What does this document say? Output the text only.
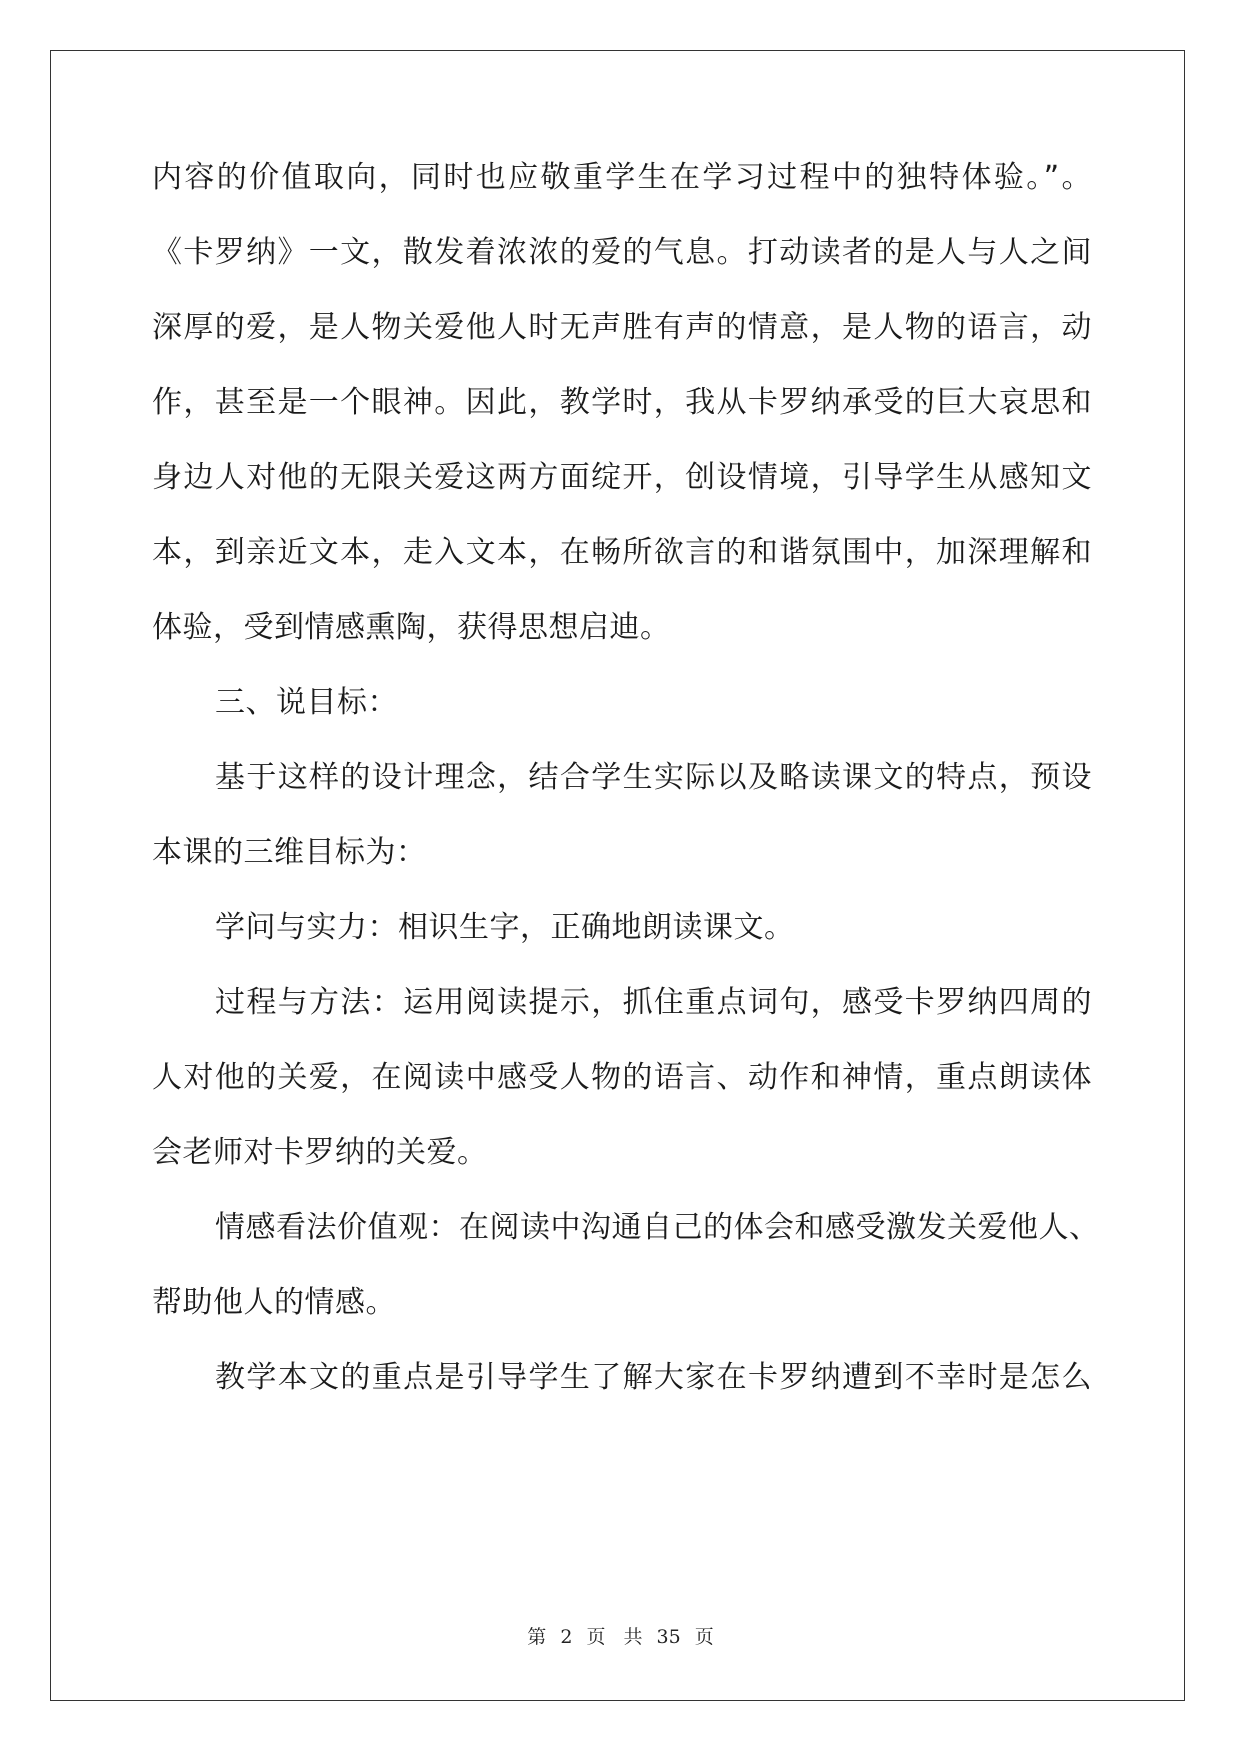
内容的价值取向，同时也应敬重学生在学习过程中的独特体验。”。
《卡罗纳》一文，散发着浓浓的爱的气息。打动读者的是人与人之间
深厚的爱，是人物关爱他人时无声胜有声的情意，是人物的语言，动
作，甚至是一个眼神。因此，教学时，我从卡罗纳承受的巨大哀思和
身边人对他的无限关爱这两方面绽开，创设情境，引导学生从感知文
本，到亲近文本，走入文本，在畅所欲言的和谐氛围中，加深理解和
体验，受到情感熏陶，获得思想启迪。
三、说目标：
基于这样的设计理念，结合学生实际以及略读课文的特点，预设
本课的三维目标为：
学问与实力：相识生字，正确地朗读课文。
过程与方法：运用阅读提示，抓住重点词句，感受卡罗纳四周的
人对他的关爱，在阅读中感受人物的语言、动作和神情，重点朗读体
会老师对卡罗纳的关爱。
情感看法价值观：在阅读中沟通自己的体会和感受激发关爱他人、
帮助他人的情感。
教学本文的重点是引导学生了解大家在卡罗纳遭到不幸时是怎么
第 2 页 共 35 页
